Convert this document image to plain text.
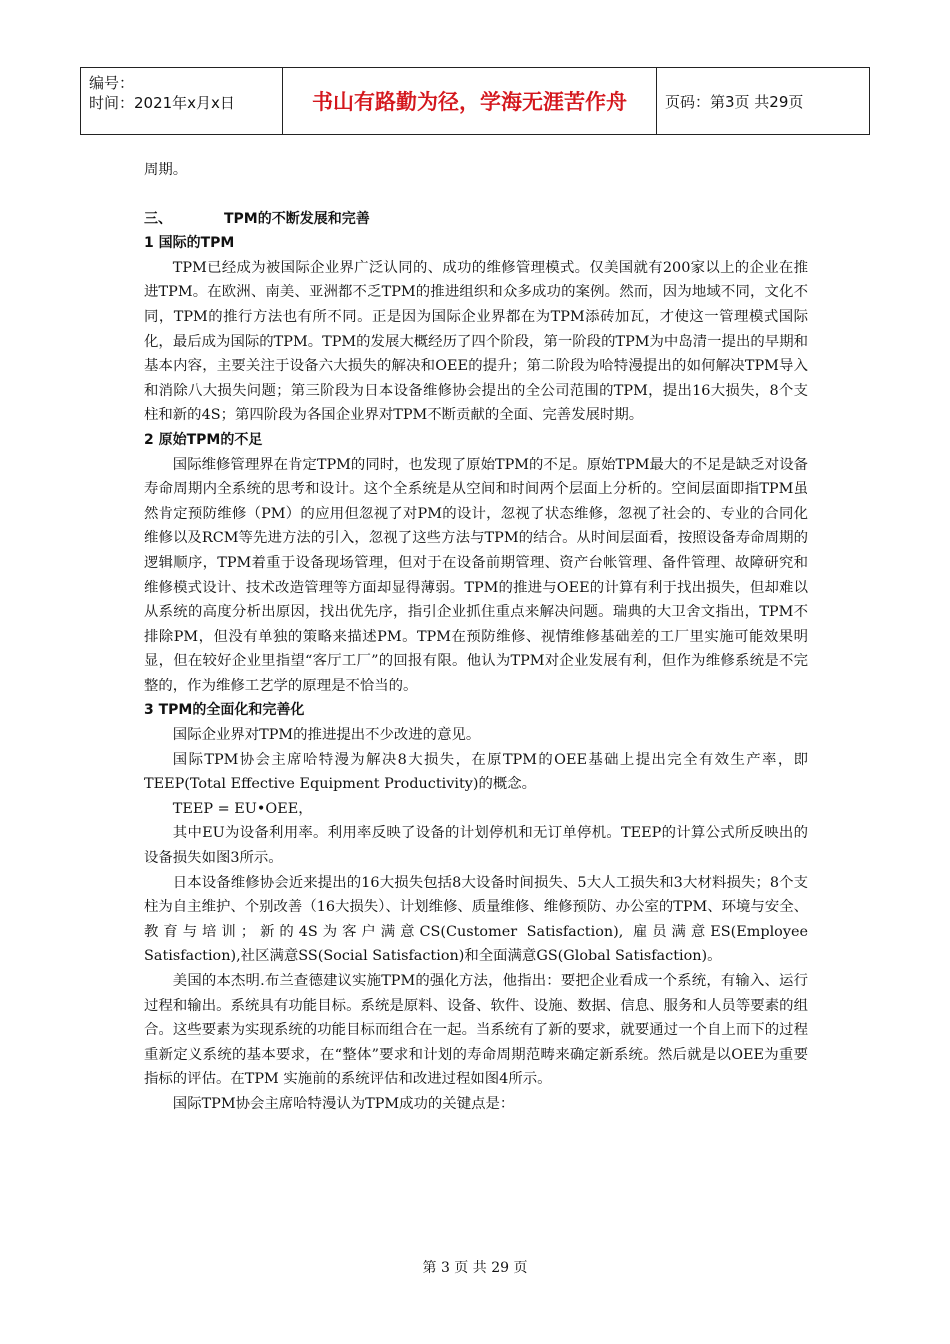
编号：
时间：2021年x月x日	书山有路勤为径，学海无涯苦作舟	页码：第3页 共29页

周期。

三、	TPM的不断发展和完善

1 国际的TPM

TPM已经成为被国际企业界广泛认同的、成功的维修管理模式。仅美国就有200家以上的企业在推进TPM。在欧洲、南美、亚洲都不乏TPM的推进组织和众多成功的案例。然而，因为地域不同，文化不同，TPM的推行方法也有所不同。正是因为国际企业界都在为TPM添砖加瓦，才使这一管理模式国际化，最后成为国际的TPM。TPM的发展大概经历了四个阶段，第一阶段的TPM为中岛清一提出的早期和基本内容，主要关注于设备六大损失的解决和OEE的提升；第二阶段为哈特漫提出的如何解决TPM导入和消除八大损失问题；第三阶段为日本设备维修协会提出的全公司范围的TPM，提出16大损失，8个支柱和新的4S；第四阶段为各国企业界对TPM不断贡献的全面、完善发展时期。

2 原始TPM的不足

国际维修管理界在肯定TPM的同时，也发现了原始TPM的不足。原始TPM最大的不足是缺乏对设备寿命周期内全系统的思考和设计。这个全系统是从空间和时间两个层面上分析的。空间层面即指TPM虽然肯定预防维修（PM）的应用但忽视了对PM的设计，忽视了状态维修，忽视了社会的、专业的合同化维修以及RCM等先进方法的引入，忽视了这些方法与TPM的结合。从时间层面看，按照设备寿命周期的逻辑顺序，TPM着重于设备现场管理，但对于在设备前期管理、资产台帐管理、备件管理、故障研究和维修模式设计、技术改造管理等方面却显得薄弱。TPM的推进与OEE的计算有利于找出损失，但却难以从系统的高度分析出原因，找出优先序，指引企业抓住重点来解决问题。瑞典的大卫舍文指出，TPM不排除PM，但没有单独的策略来描述PM。TPM在预防维修、视情维修基础差的工厂里实施可能效果明显，但在较好企业里指望“客厅工厂”的回报有限。他认为TPM对企业发展有利，但作为维修系统是不完整的，作为维修工艺学的原理是不恰当的。

3 TPM的全面化和完善化

国际企业界对TPM的推进提出不少改进的意见。

国际TPM协会主席哈特漫为解决8大损失，在原TPM的OEE基础上提出完全有效生产率，即TEEP(Total Effective Equipment Productivity)的概念。

TEEP = EU•OEE，

其中EU为设备利用率。利用率反映了设备的计划停机和无订单停机。TEEP的计算公式所反映出的设备损失如图3所示。

日本设备维修协会近来提出的16大损失包括8大设备时间损失、5大人工损失和3大材料损失；8个支柱为自主维护、个别改善（16大损失）、计划维修、质量维修、维修预防、办公室的TPM、环境与安全、教育与培训；新的4S为客户满意CS(Customer Satisfaction), 雇员满意ES(Employee Satisfaction),社区满意SS(Social Satisfaction)和全面满意GS(Global Satisfaction)。

美国的本杰明.布兰查德建议实施TPM的强化方法，他指出：要把企业看成一个系统，有输入、运行过程和输出。系统具有功能目标。系统是原料、设备、软件、设施、数据、信息、服务和人员等要素的组合。这些要素为实现系统的功能目标而组合在一起。当系统有了新的要求，就要通过一个自上而下的过程重新定义系统的基本要求，在“整体”要求和计划的寿命周期范畴来确定新系统。然后就是以OEE为重要指标的评估。在TPM 实施前的系统评估和改进过程如图4所示。

国际TPM协会主席哈特漫认为TPM成功的关键点是：

第 3 页 共 29 页
